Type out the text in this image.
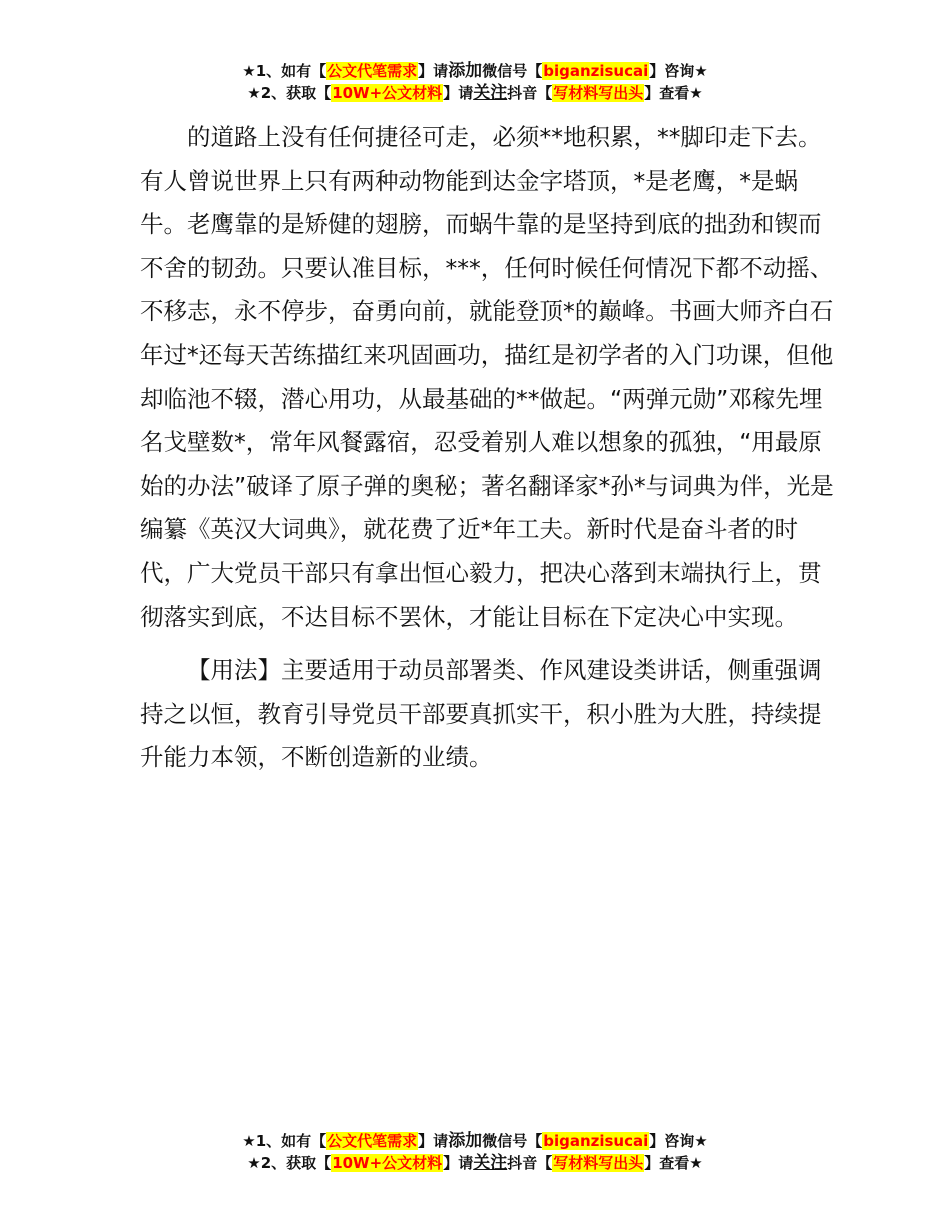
★1、如有【公文代笔需求】请添加微信号【biganzisucai】咨询★
★2、获取【10W+公文材料】请关注抖音【写材料写出头】查看★

的道路上没有任何捷径可走，必须**地积累，**脚印走下去。有人曾说世界上只有两种动物能到达金字塔顶，*是老鹰，*是蜗牛。老鹰靠的是矫健的翅膀，而蜗牛靠的是坚持到底的拙劲和锲而不舍的韧劲。只要认准目标，***，任何时候任何情况下都不动摇、不移志，永不停步，奋勇向前，就能登顶*的巅峰。书画大师齐白石年过*还每天苦练描红来巩固画功，描红是初学者的入门功课，但他却临池不辍，潜心用功，从最基础的**做起。“两弹元勋”邓稼先埋名戈壁数*，常年风餐露宿，忍受着别人难以想象的孤独，“用最原始的办法”破译了原子弹的奥秘；著名翻译家*孙*与词典为伴，光是编纂《英汉大词典》，就花费了近*年工夫。新时代是奋斗者的时代，广大党员干部只有拿出恒心毅力，把决心落到末端执行上，贯彻落实到底，不达目标不罢休，才能让目标在下定决心中实现。

【用法】主要适用于动员部署类、作风建设类讲话，侧重强调持之以恒，教育引导党员干部要真抓实干，积小胜为大胜，持续提升能力本领，不断创造新的业绩。

★1、如有【公文代笔需求】请添加微信号【biganzisucai】咨询★
★2、获取【10W+公文材料】请关注抖音【写材料写出头】查看★
